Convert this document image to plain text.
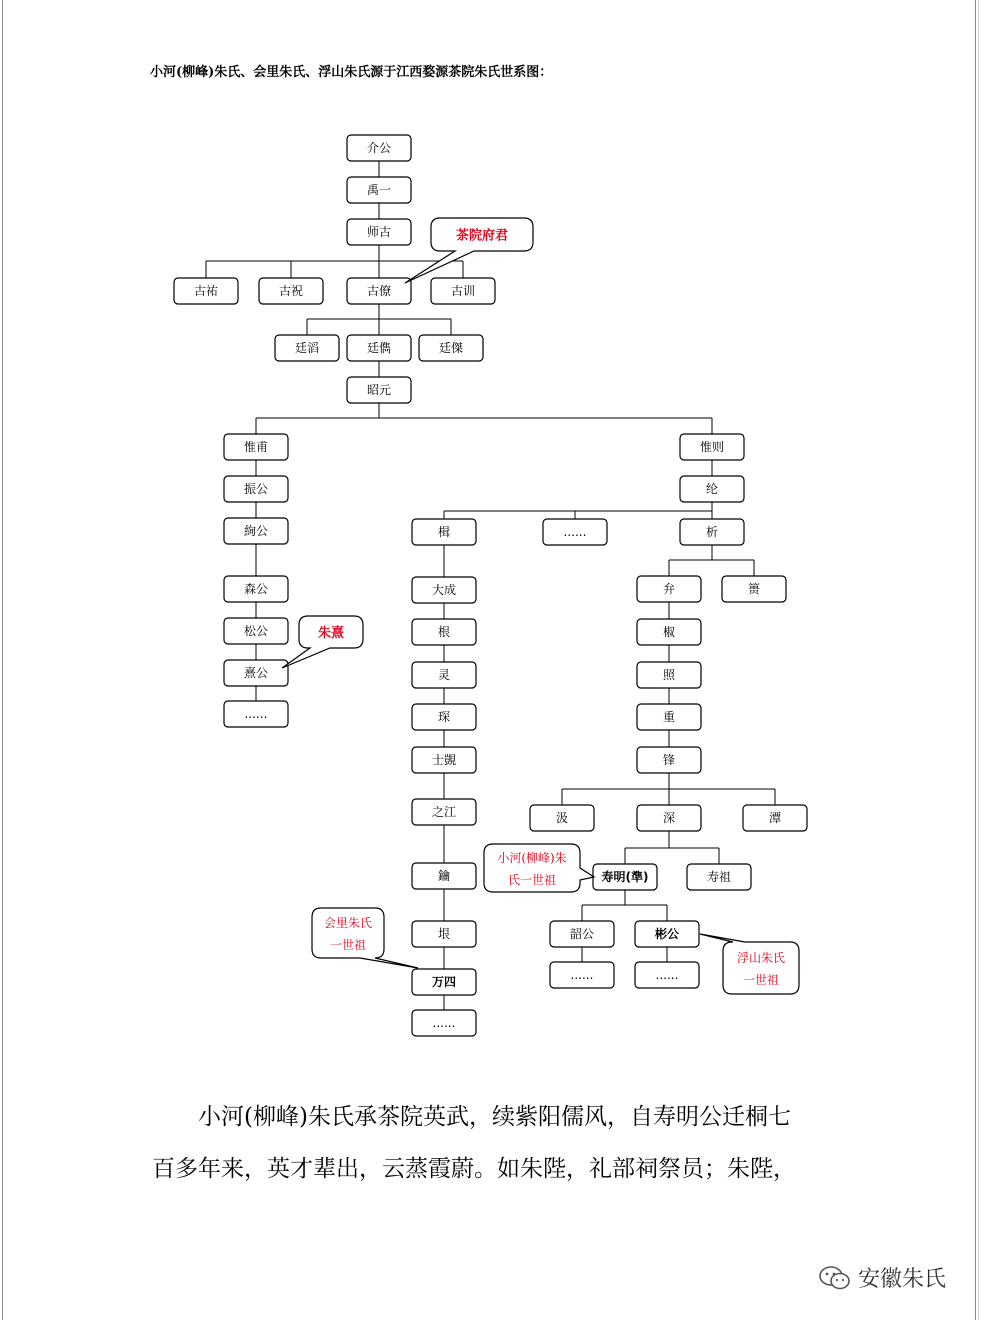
小河(柳峰)朱氏、会里朱氏、浮山朱氏源于江西婺源茶院朱氏世系图：
介公
禹一
师古
古祐	古祝	古僚	古训
廷滔	廷儁	廷傑
昭元
惟甫	惟则
振公
絢公
森公
松公
熹公
......
纶
楫	......	析
大成
根
灵
琛
士覬
之江
鑰
垠
万四
......
弁	篑
椒
照
重
锋
汲	深	潭
寿明(準)	寿祖
韶公	彬公
......	......
茶院府君
朱熹
小河(柳峰)朱
氏一世祖
会里朱氏
一世祖
浮山朱氏
一世祖
小河(柳峰)朱氏承茶院英武，续紫阳儒风，自寿明公迁桐七
百多年来，英才辈出，云蒸霞蔚。如朱陛，礼部祠祭员；朱陛，
安徽朱氏
